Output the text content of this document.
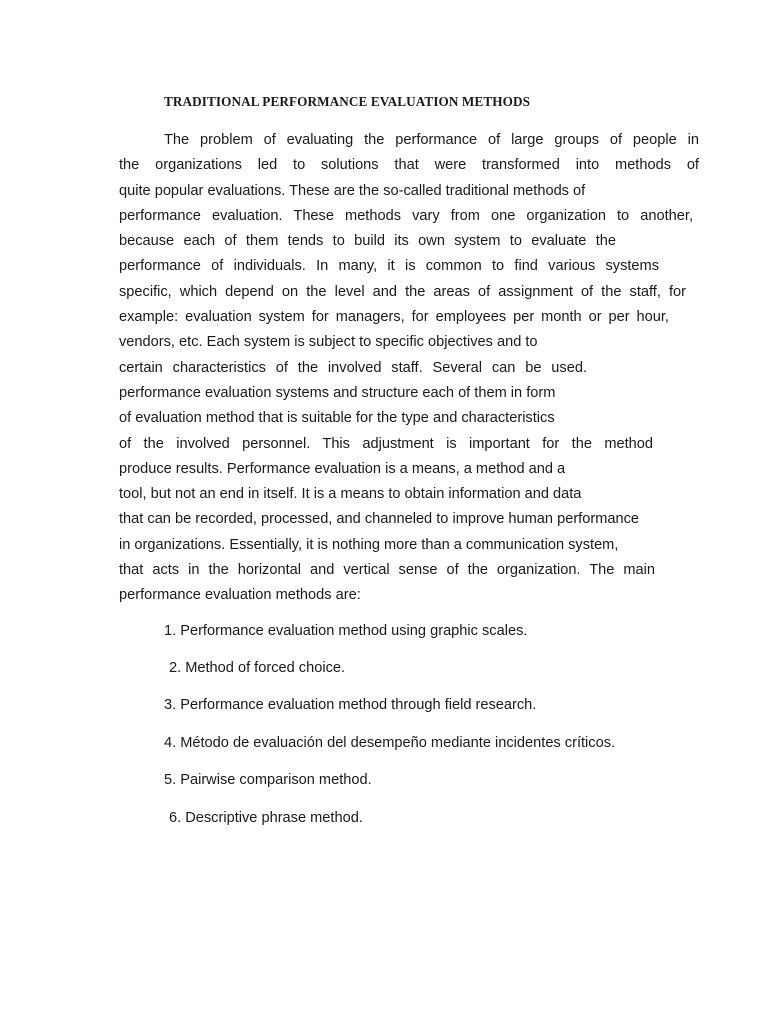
TRADITIONAL PERFORMANCE EVALUATION METHODS
The problem of evaluating the performance of large groups of people in
the organizations led to solutions that were transformed into methods of
quite popular evaluations. These are the so-called traditional methods of
performance evaluation. These methods vary from one organization to another,
because each of them tends to build its own system to evaluate the
performance of individuals. In many, it is common to find various systems
specific, which depend on the level and the areas of assignment of the staff, for
example: evaluation system for managers, for employees per month or per hour,
vendors, etc. Each system is subject to specific objectives and to
certain characteristics of the involved staff. Several can be used.
performance evaluation systems and structure each of them in form
of evaluation method that is suitable for the type and characteristics
of the involved personnel. This adjustment is important for the method
produce results. Performance evaluation is a means, a method and a
tool, but not an end in itself. It is a means to obtain information and data
that can be recorded, processed, and channeled to improve human performance
in organizations. Essentially, it is nothing more than a communication system,
that acts in the horizontal and vertical sense of the organization. The main
performance evaluation methods are:
1. Performance evaluation method using graphic scales.
2. Method of forced choice.
3. Performance evaluation method through field research.
4. Método de evaluación del desempeño mediante incidentes críticos.
5. Pairwise comparison method.
6. Descriptive phrase method.
